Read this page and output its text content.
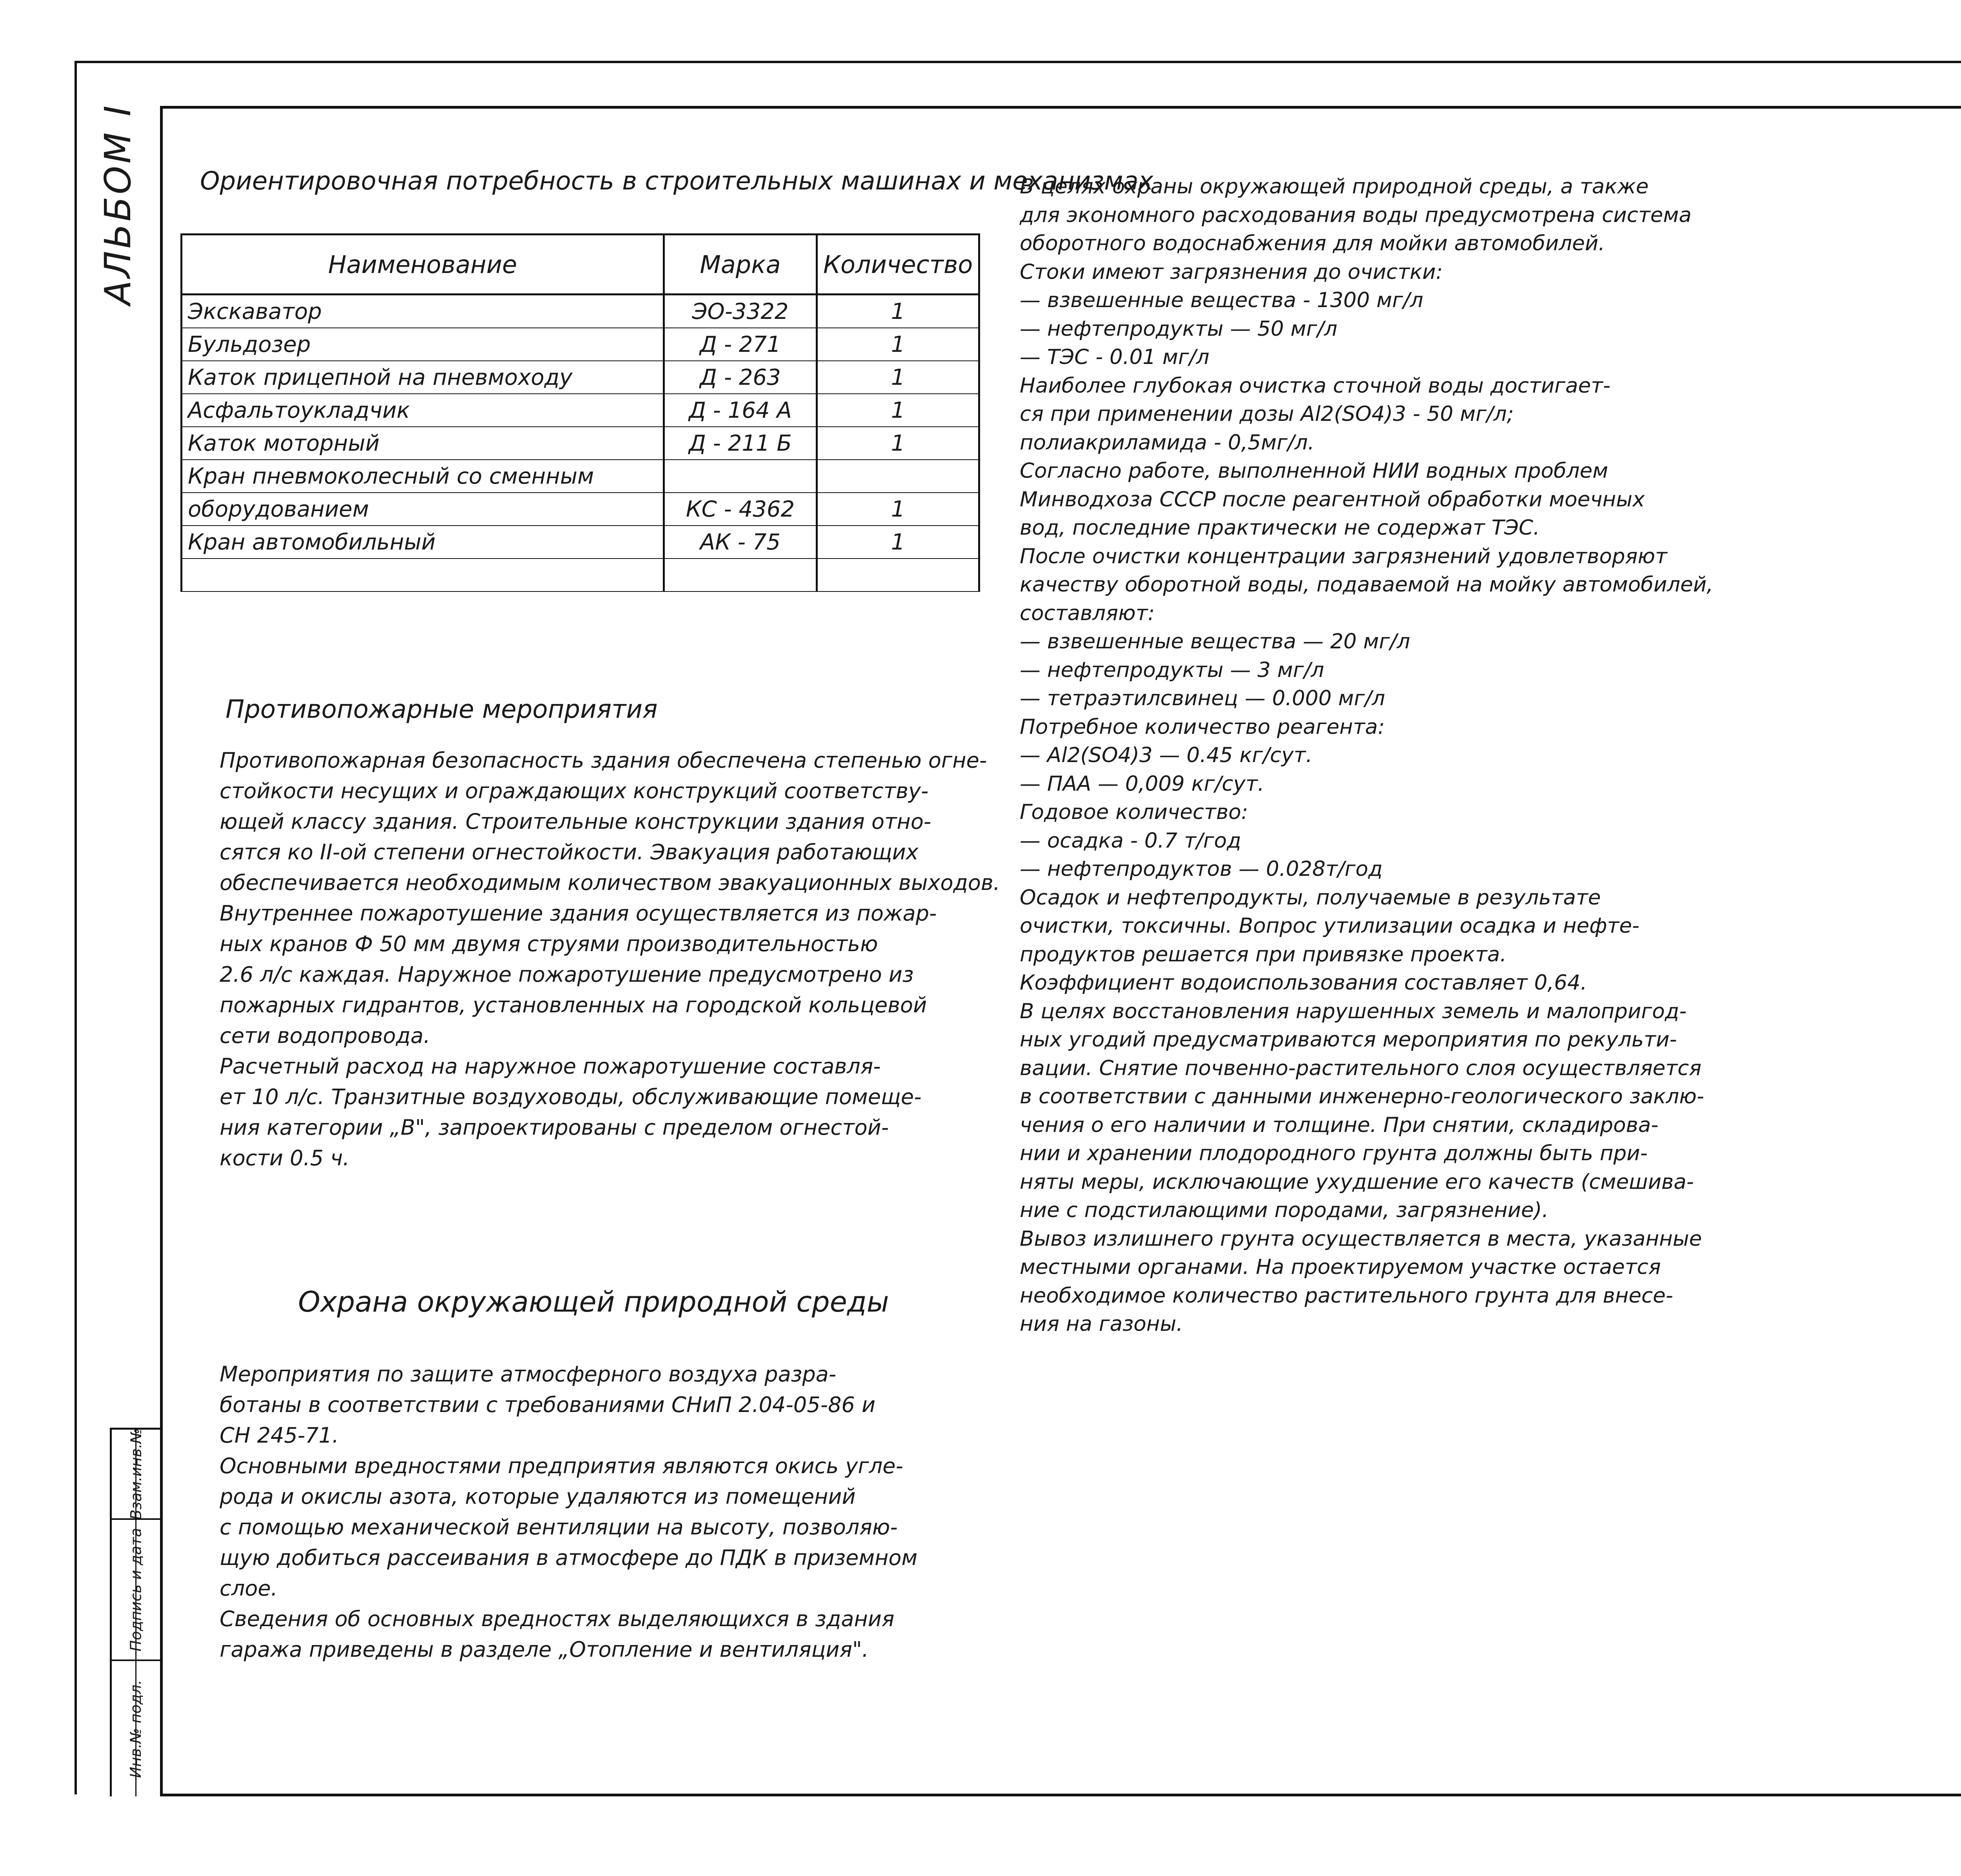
АЛЬБОМ I
Взам.инв.№
Подпись и дата
Инв.№ подл.
Ориентировочная потребность в строительных машинах и механизмах
Наименование	Марка	Количество
Экскаватор	ЭО-3322	1
Бульдозер	Д - 271	1
Каток прицепной на пневмоходу	Д - 263	1
Асфальтоукладчик	Д - 164 А	1
Каток моторный	Д - 211 Б	1
Кран пневмоколесный со сменным		
оборудованием	КС - 4362	1
Кран автомобильный	АК - 75	1

Противопожарные мероприятия

Противопожарная безопасность здания обеспечена степенью огне-

стойкости несущих и ограждающих конструкций соответству-

ющей классу здания. Строительные конструкции здания отно-

сятся ко II-ой степени огнестойкости. Эвакуация работающих

обеспечивается необходимым количеством эвакуационных выходов.

Внутреннее пожаротушение здания осуществляется из пожар-

ных кранов Ф 50 мм двумя струями производительностью

2.6 л/с каждая. Наружное пожаротушение предусмотрено из

пожарных гидрантов, установленных на городской кольцевой

сети водопровода.

Расчетный расход на наружное пожаротушение составля-

ет 10 л/с. Транзитные воздуховоды, обслуживающие помеще-

ния категории „В", запроектированы с пределом огнестой-

кости 0.5 ч.

Охрана окружающей природной среды

Мероприятия по защите атмосферного воздуха разра-

ботаны в соответствии с требованиями СНиП 2.04-05-86 и

СН 245-71.

Основными вредностями предприятия являются окись угле-

рода и окислы азота, которые удаляются из помещений

с помощью механической вентиляции на высоту, позволяю-

щую добиться рассеивания в атмосфере до ПДК в приземном

слое.

Сведения об основных вредностях выделяющихся в здания

гаража приведены в разделе „Отопление и вентиляция".

В целях охраны окружающей природной среды, а также

для экономного расходования воды предусмотрена система

оборотного водоснабжения для мойки автомобилей.

Стоки имеют загрязнения до очистки:

— взвешенные вещества - 1300 мг/л

— нефтепродукты — 50 мг/л

— ТЭС - 0.01 мг/л

Наиболее глубокая очистка сточной воды достигает-

ся при применении дозы Al2(SO4)3 - 50 мг/л;

полиакриламида - 0,5мг/л.

Согласно работе, выполненной НИИ водных проблем

Минводхоза СССР после реагентной обработки моечных

вод, последние практически не содержат ТЭС.

После очистки концентрации загрязнений удовлетворяют

качеству оборотной воды, подаваемой на мойку автомобилей,

составляют:

— взвешенные вещества — 20 мг/л

— нефтепродукты — 3 мг/л

— тетраэтилсвинец — 0.000 мг/л

Потребное количество реагента:

— Al2(SO4)3 — 0.45 кг/сут.

— ПАА — 0,009 кг/сут.

Годовое количество:

— осадка - 0.7 т/год

— нефтепродуктов — 0.028т/год

Осадок и нефтепродукты, получаемые в результате

очистки, токсичны. Вопрос утилизации осадка и нефте-

продуктов решается при привязке проекта.

Коэффициент водоиспользования составляет 0,64.

В целях восстановления нарушенных земель и малопригод-

ных угодий предусматриваются мероприятия по рекульти-

вации. Снятие почвенно-растительного слоя осуществляется

в соответствии с данными инженерно-геологического заклю-

чения о его наличии и толщине. При снятии, складирова-

нии и хранении плодородного грунта должны быть при-

няты меры, исключающие ухудшение его качеств (смешива-

ние с подстилающими породами, загрязнение).

Вывоз излишнего грунта осуществляется в места, указанные

местными органами. На проектируемом участке остается

необходимое количество растительного грунта для внесе-

ния на газоны.
